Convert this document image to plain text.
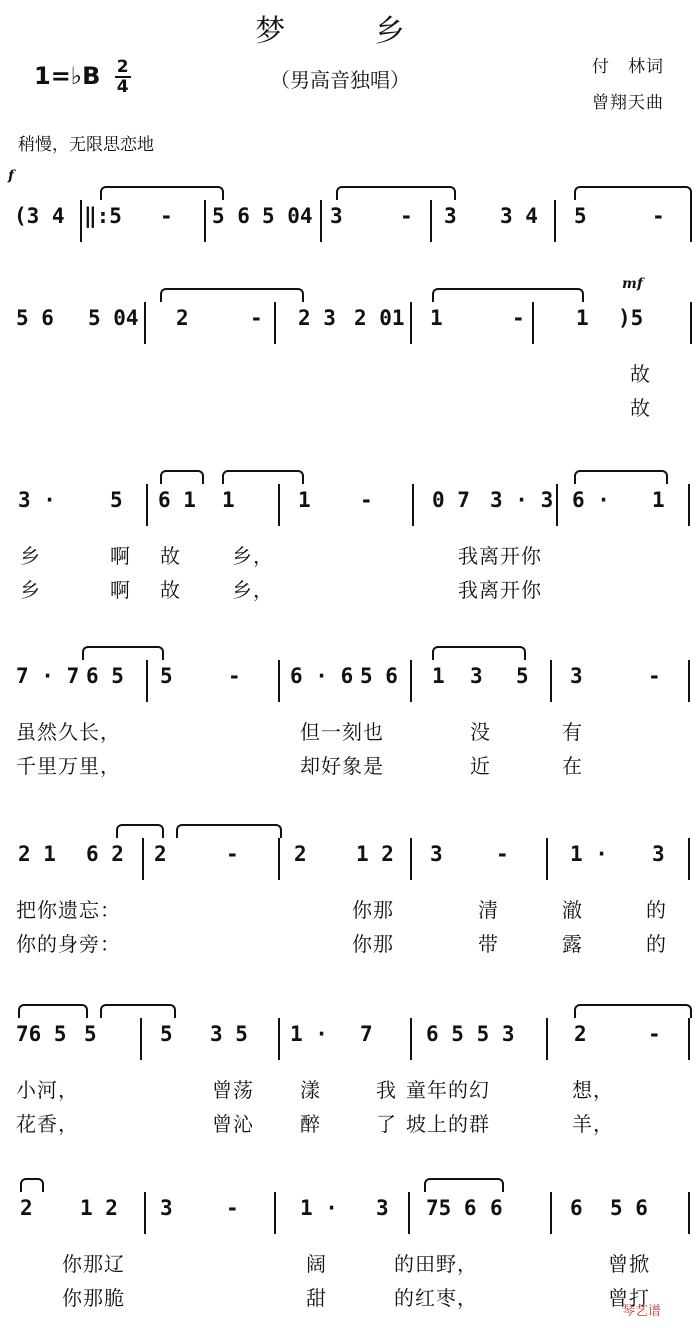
梦 乡
1=♭B $\frac{2}{4}$	（男高音独唱）
付　林词
曾翔天曲
稍慢，无限思恋地
f
mf
(3 4 ‖:5 - 5 6 5 04 3	- 3 3 4 5	-
5 6 5 04 2	- 2 3 2 01 1	- 1 )5
故
故
3 ·	5 6 1 1	1 -	0 7 3 · 3 6 · 1
乡	啊 故	乡，	我离开你
乡	啊 故	乡，	我离开你
7 · 7 6 5 5	- 6 · 6 5 6 1 3 5 3	-
虽然久长，	但一刻也	没	有
千里万里，	却好象是	近	在
2 1 6 2 2	-	2 1 2 3	-	1 · 3
把你遗忘：	你那	清	澈	的
你的身旁：	你那	带	露	的
76 5 5	5 3 5 1 · 7	6 5 5 3	2	-
小河，	曾荡 漾	我 童年的幻	想，
花香，	曾沁 醉	了 坡上的群	羊，
2 1 2 3	-	1 · 3 75 6 6	6 5 6
你那辽	阔	的田野，	曾掀
你那脆	甜	的红枣，	曾打
琴艺谱
